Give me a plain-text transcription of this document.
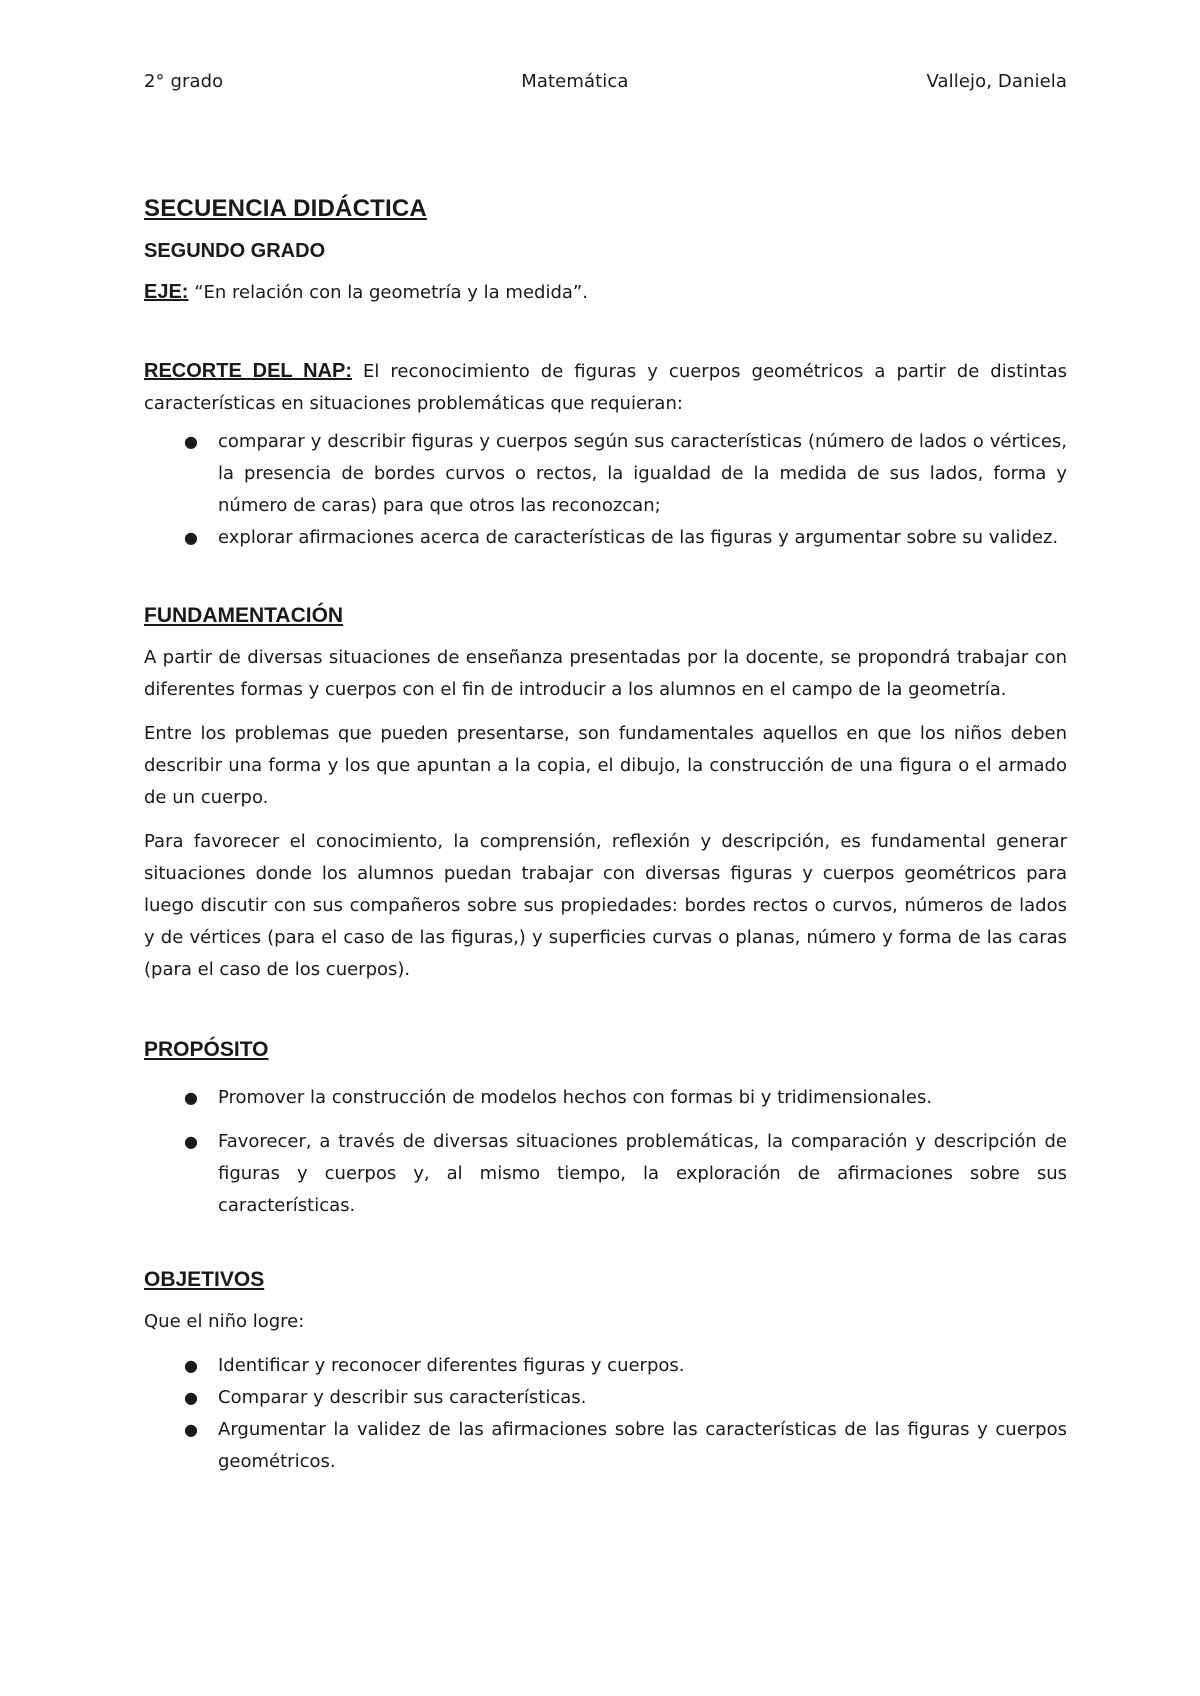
2° grado	Matemática	Vallejo, Daniela
SECUENCIA DIDÁCTICA
SEGUNDO GRADO

EJE: “En relación con la geometría y la medida”.

RECORTE DEL NAP: El reconocimiento de figuras y cuerpos geométricos a partir de distintas características en situaciones problemáticas que requieran:

● comparar y describir figuras y cuerpos según sus características (número de lados o vértices, la presencia de bordes curvos o rectos, la igualdad de la medida de sus lados, forma y número de caras) para que otros las reconozcan;
● explorar afirmaciones acerca de características de las figuras y argumentar sobre su validez.
FUNDAMENTACIÓN

A partir de diversas situaciones de enseñanza presentadas por la docente, se propondrá trabajar con diferentes formas y cuerpos con el fin de introducir a los alumnos en el campo de la geometría.

Entre los problemas que pueden presentarse, son fundamentales aquellos en que los niños deben describir una forma y los que apuntan a la copia, el dibujo, la construcción de una figura o el armado de un cuerpo.

Para favorecer el conocimiento, la comprensión, reflexión y descripción, es fundamental generar situaciones donde los alumnos puedan trabajar con diversas figuras y cuerpos geométricos para luego discutir con sus compañeros sobre sus propiedades: bordes rectos o curvos, números de lados y de vértices (para el caso de las figuras,) y superficies curvas o planas, número y forma de las caras (para el caso de los cuerpos).

PROPÓSITO
● Promover la construcción de modelos hechos con formas bi y tridimensionales.
● Favorecer, a través de diversas situaciones problemáticas, la comparación y descripción de figuras y cuerpos y, al mismo tiempo, la exploración de afirmaciones sobre sus características.
OBJETIVOS

Que el niño logre:

● Identificar y reconocer diferentes figuras y cuerpos.
● Comparar y describir sus características.
● Argumentar la validez de las afirmaciones sobre las características de las figuras y cuerpos geométricos.
